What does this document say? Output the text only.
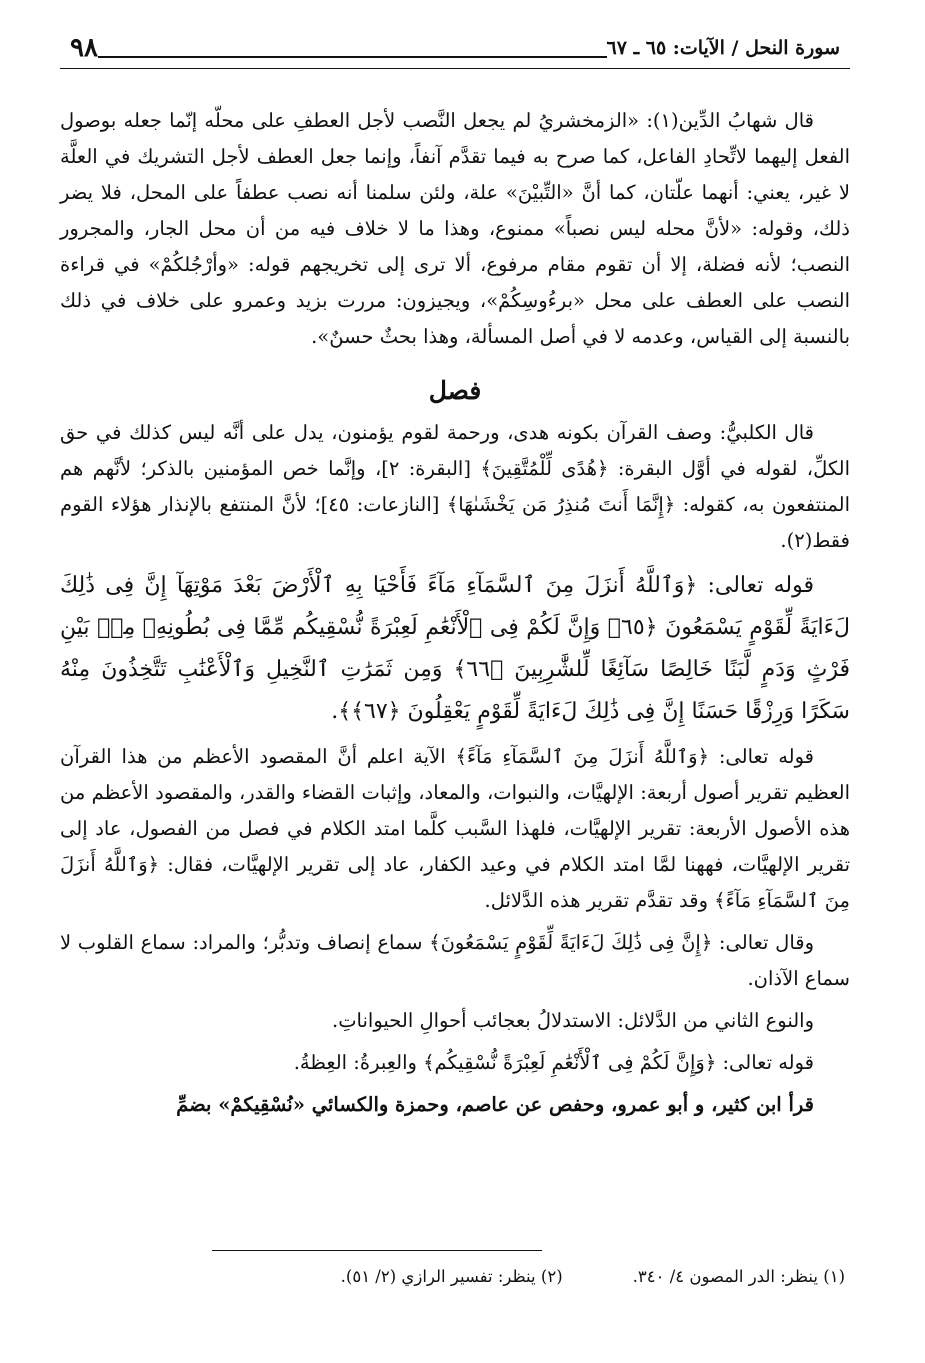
سورة النحل / الآيات: ٦٥ ـ ٦٧
٩٨

قال شهابُ الدِّين(١): «الزمخشريُ لم يجعل النَّصب لأجل العطفِ على محلّه إنّما جعله بوصول الفعل إليهما لاتِّحادِ الفاعل، كما صرح به فيما تقدَّم آنفاً، وإنما جعل العطف لأجل التشريك في العلَّة لا غير، يعني: أنهما علّتان، كما أنَّ «التِّبيْنَ» علة، ولئن سلمنا أنه نصب عطفاً على المحل، فلا يضر ذلك، وقوله: «لأنَّ محله ليس نصباً» ممنوع، وهذا ما لا خلاف فيه من أن محل الجار، والمجرور النصب؛ لأنه فضلة، إلا أن تقوم مقام مرفوع، ألا ترى إلى تخريجهم قوله: «وأرْجُلكُمْ» في قراءة النصب على العطف على محل «برءُوسِكُمْ»، ويجيزون: مررت بزيد وعمرو على خلاف في ذلك بالنسبة إلى القياس، وعدمه لا في أصل المسألة، وهذا بحثٌ حسنٌ».

فصل

قال الكلبيُّ: وصف القرآن بكونه هدى، ورحمة لقوم يؤمنون، يدل على أنَّه ليس كذلك في حق الكلِّ، لقوله في أوَّل البقرة: ﴿هُدًى لِّلْمُتَّقِينَ﴾ [البقرة: ٢]، وإنَّما خص المؤمنين بالذكر؛ لأنَّهم هم المنتفعون به، كقوله: ﴿إِنَّمَا أَنتَ مُنذِرُ مَن يَخْشَىٰهَا﴾ [النازعات: ٤٥]؛ لأنَّ المنتفع بالإنذار هؤلاء القوم فقط(٢).

قوله تعالى: ﴿وَٱللَّهُ أَنزَلَ مِنَ ٱلسَّمَآءِ مَآءً فَأَحْيَا بِهِ ٱلْأَرْضَ بَعْدَ مَوْتِهَآ إِنَّ فِى ذَٰلِكَ لَءَايَةً لِّقَوْمٍ يَسْمَعُونَ ﴿٦٥﴾ وَإِنَّ لَكُمْ فِى ٱلْأَنْعَٰمِ لَعِبْرَةً نُّسْقِيكُم مِّمَّا فِى بُطُونِهِۦ مِنۢ بَيْنِ فَرْثٍ وَدَمٍ لَّبَنًا خَالِصًا سَآئِغًا لِّلشَّٰرِبِينَ ﴿٦٦﴾ وَمِن ثَمَرَٰتِ ٱلنَّخِيلِ وَٱلْأَعْنَٰبِ تَتَّخِذُونَ مِنْهُ سَكَرًا وَرِزْقًا حَسَنًا إِنَّ فِى ذَٰلِكَ لَءَايَةً لِّقَوْمٍ يَعْقِلُونَ ﴿٦٧﴾﴾.

قوله تعالى: ﴿وَٱللَّهُ أَنزَلَ مِنَ ٱلسَّمَآءِ مَآءً﴾ الآية اعلم أنَّ المقصود الأعظم من هذا القرآن العظيم تقرير أصول أربعة: الإلهيَّات، والنبوات، والمعاد، وإثبات القضاء والقدر، والمقصود الأعظم من هذه الأصول الأربعة: تقرير الإلهيَّات، فلهذا السَّبب كلَّما امتد الكلام في فصل من الفصول، عاد إلى تقرير الإلهيَّات، فههنا لمَّا امتد الكلام في وعيد الكفار، عاد إلى تقرير الإلهيَّات، فقال: ﴿وَٱللَّهُ أَنزَلَ مِنَ ٱلسَّمَآءِ مَآءً﴾ وقد تقدَّم تقرير هذه الدَّلائل.

وقال تعالى: ﴿إِنَّ فِى ذَٰلِكَ لَءَايَةً لِّقَوْمٍ يَسْمَعُونَ﴾ سماع إنصاف وتدبُّر؛ والمراد: سماع القلوب لا سماع الآذان.

والنوع الثاني من الدَّلائل: الاستدلالُ بعجائب أحوالِ الحيواناتِ.

قوله تعالى: ﴿وَإِنَّ لَكُمْ فِى ٱلْأَنْعَٰمِ لَعِبْرَةً نُّسْقِيكُم﴾ والعِبرةُ: العِظةُ.

قرأ ابن كثير، و أبو عمرو، وحفص عن عاصم، وحمزة والكسائي «نُسْقِيكمْ» بضمِّ

(١) ينظر: الدر المصون ٤/ ٣٤٠.
(٢) ينظر: تفسير الرازي (٢/ ٥١).
